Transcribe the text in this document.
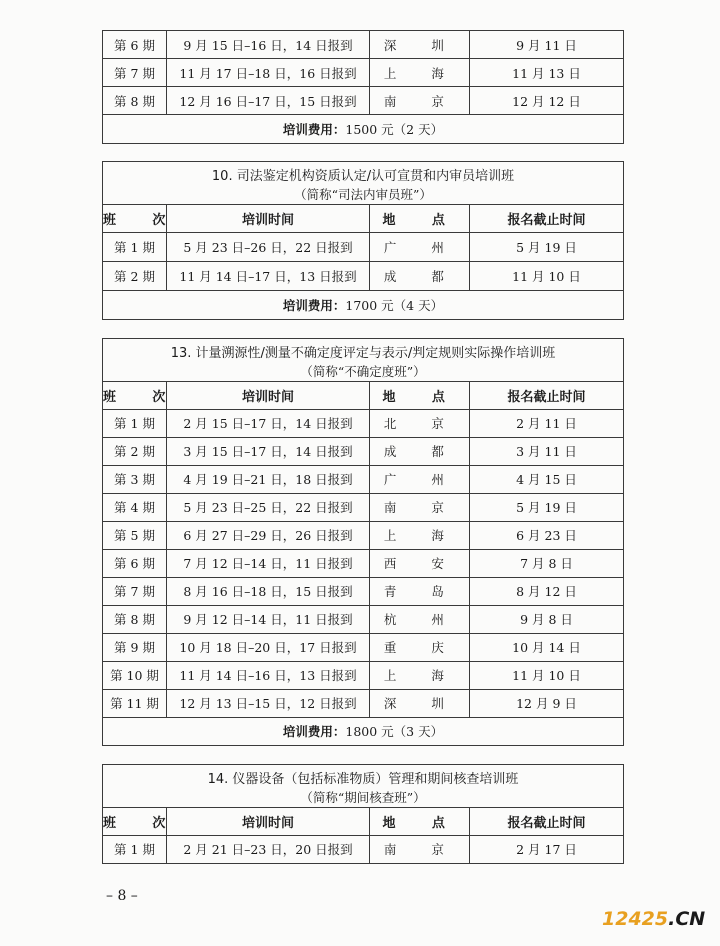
第 6 期	9 月 15 日–16 日，14 日报到	深　圳	9 月 11 日
第 7 期	11 月 17 日–18 日，16 日报到	上　海	11 月 13 日
第 8 期	12 月 16 日–17 日，15 日报到	南　京	12 月 12 日
培训费用：1500 元（2 天）			
10. 司法鉴定机构资质认定/认可宣贯和内审员培训班			
（简称“司法内审员班”）			
班　次	培训时间	地　点	报名截止时间
第 1 期	5 月 23 日–26 日，22 日报到	广　州	5 月 19 日
第 2 期	11 月 14 日–17 日，13 日报到	成　都	11 月 10 日
培训费用：1700 元（4 天）			
13. 计量溯源性/测量不确定度评定与表示/判定规则实际操作培训班			
（简称“不确定度班”）			
班　次	培训时间	地　点	报名截止时间
第 1 期	2 月 15 日–17 日，14 日报到	北　京	2 月 11 日
第 2 期	3 月 15 日–17 日，14 日报到	成　都	3 月 11 日
第 3 期	4 月 19 日–21 日，18 日报到	广　州	4 月 15 日
第 4 期	5 月 23 日–25 日，22 日报到	南　京	5 月 19 日
第 5 期	6 月 27 日–29 日，26 日报到	上　海	6 月 23 日
第 6 期	7 月 12 日–14 日，11 日报到	西　安	7 月 8 日
第 7 期	8 月 16 日–18 日，15 日报到	青　岛	8 月 12 日
第 8 期	9 月 12 日–14 日，11 日报到	杭　州	9 月 8 日
第 9 期	10 月 18 日–20 日，17 日报到	重　庆	10 月 14 日
第 10 期	11 月 14 日–16 日，13 日报到	上　海	11 月 10 日
第 11 期	12 月 13 日–15 日，12 日报到	深　圳	12 月 9 日
培训费用：1800 元（3 天）			
14. 仪器设备（包括标准物质）管理和期间核查培训班			
（简称“期间核查班”）			
班　次	培训时间	地　点	报名截止时间
第 1 期	2 月 21 日–23 日，20 日报到	南　京	2 月 17 日
– 8 –
12425.CN
